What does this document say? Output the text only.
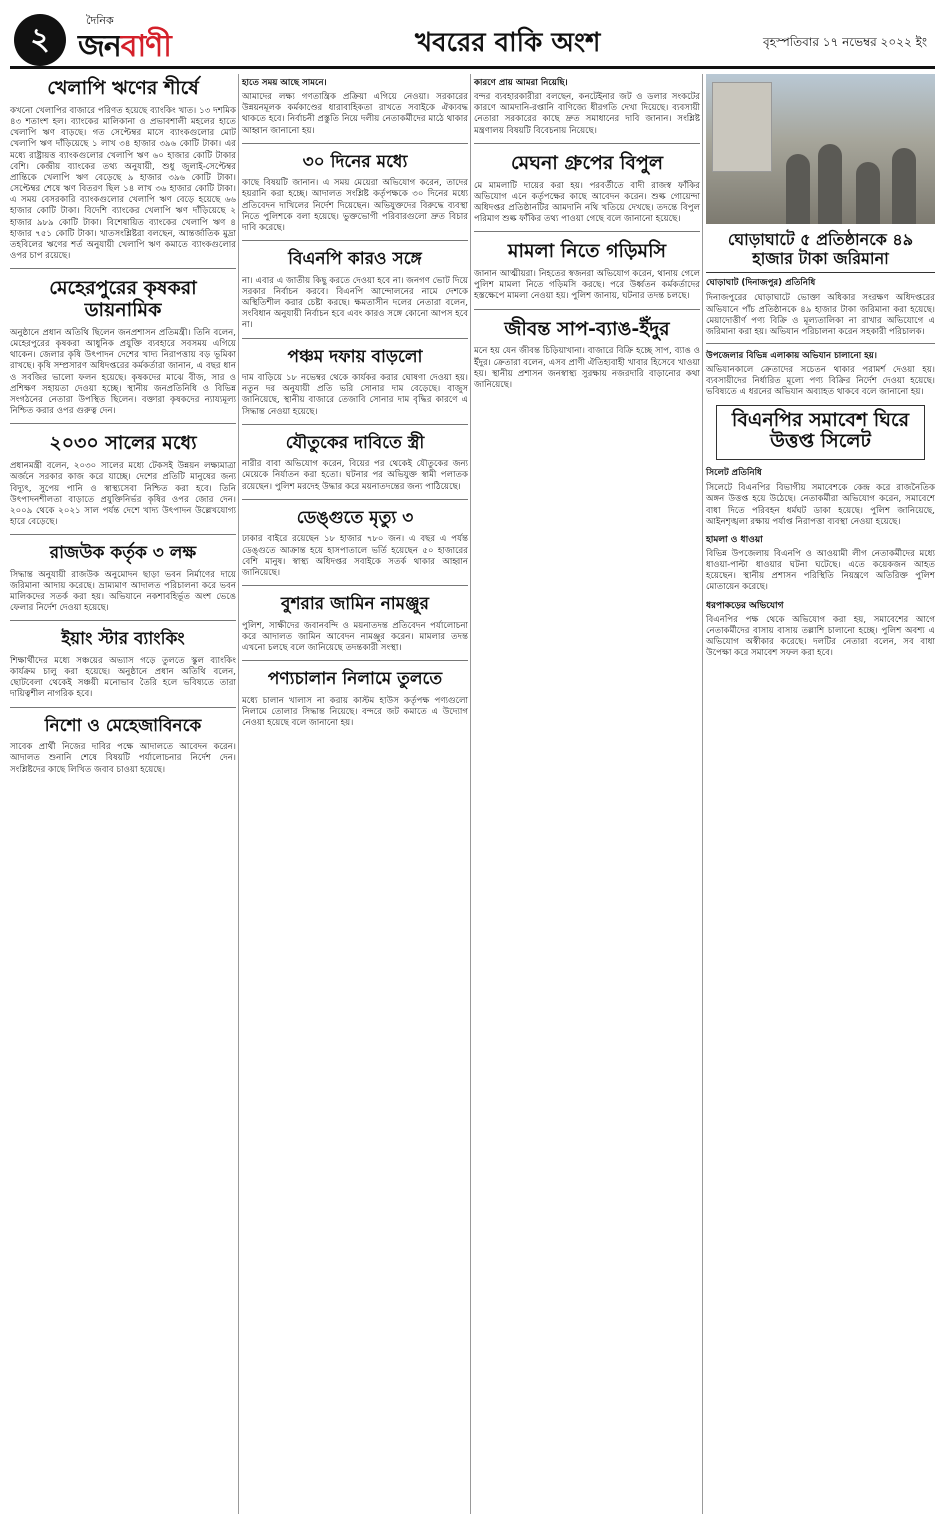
২
দৈনিক
জনবাণী	খবরের বাকি অংশ	বৃহস্পতিবার ১৭ নভেম্বর ২০২২ ইং
খেলাপি ঋণের শীর্ষে
কখনো খেলাপির বাজারে পরিণত হয়েছে ব্যাংকিং খাত। ১৩ দশমিক ৪৩ শতাংশ হল। ব্যাংকের মালিকানা ও প্রভাবশালী মহলের হাতে খেলাপি ঋণ বাড়ছে। গত সেপ্টেম্বর মাসে ব্যাংকগুলোর মোট খেলাপি ঋণ দাঁড়িয়েছে ১ লাখ ৩৪ হাজার ৩৯৬ কোটি টাকা। এর মধ্যে রাষ্ট্রায়ত্ত ব্যাংকগুলোর খেলাপি ঋণ ৬০ হাজার কোটি টাকার বেশি। কেন্দ্রীয় ব্যাংকের তথ্য অনুযায়ী, শুধু জুলাই-সেপ্টেম্বর প্রান্তিকে খেলাপি ঋণ বেড়েছে ৯ হাজার ৩৯৬ কোটি টাকা। সেপ্টেম্বর শেষে ঋণ বিতরণ ছিল ১৪ লাখ ৩৬ হাজার কোটি টাকা। এ সময় বেসরকারি ব্যাংকগুলোর খেলাপি ঋণ বেড়ে হয়েছে ৬৬ হাজার কোটি টাকা। বিদেশি ব্যাংকের খেলাপি ঋণ দাঁড়িয়েছে ২ হাজার ৯৮৯ কোটি টাকা। বিশেষায়িত ব্যাংকের খেলাপি ঋণ ৪ হাজার ৭৫১ কোটি টাকা। খাতসংশ্লিষ্টরা বলছেন, আন্তর্জাতিক মুদ্রা তহবিলের ঋণের শর্ত অনুযায়ী খেলাপি ঋণ কমাতে ব্যাংকগুলোর ওপর চাপ রয়েছে।
মেহেরপুরের কৃষকরা ডায়নামিক
অনুষ্ঠানে প্রধান অতিথি ছিলেন জনপ্রশাসন প্রতিমন্ত্রী। তিনি বলেন, মেহেরপুরের কৃষকরা আধুনিক প্রযুক্তি ব্যবহারে সবসময় এগিয়ে থাকেন। জেলার কৃষি উৎপাদন দেশের খাদ্য নিরাপত্তায় বড় ভূমিকা রাখছে। কৃষি সম্প্রসারণ অধিদপ্তরের কর্মকর্তারা জানান, এ বছর ধান ও সবজির ভালো ফলন হয়েছে। কৃষকদের মাঝে বীজ, সার ও প্রশিক্ষণ সহায়তা দেওয়া হচ্ছে। স্থানীয় জনপ্রতিনিধি ও বিভিন্ন সংগঠনের নেতারা উপস্থিত ছিলেন। বক্তারা কৃষকদের ন্যায্যমূল্য নিশ্চিত করার ওপর গুরুত্ব দেন।
২০৩০ সালের মধ্যে
প্রধানমন্ত্রী বলেন, ২০৩০ সালের মধ্যে টেকসই উন্নয়ন লক্ষ্যমাত্রা অর্জনে সরকার কাজ করে যাচ্ছে। দেশের প্রতিটি মানুষের জন্য বিদ্যুৎ, সুপেয় পানি ও স্বাস্থ্যসেবা নিশ্চিত করা হবে। তিনি উৎপাদনশীলতা বাড়াতে প্রযুক্তিনির্ভর কৃষির ওপর জোর দেন। ২০০৯ থেকে ২০২১ সাল পর্যন্ত দেশে খাদ্য উৎপাদন উল্লেখযোগ্য হারে বেড়েছে।
রাজউক কর্তৃক ৩ লক্ষ
সিদ্ধান্ত অনুযায়ী রাজউক অনুমোদন ছাড়া ভবন নির্মাণের দায়ে জরিমানা আদায় করেছে। ভ্রাম্যমাণ আদালত পরিচালনা করে ভবন মালিকদের সতর্ক করা হয়। অভিযানে নকশাবহির্ভূত অংশ ভেঙে ফেলার নির্দেশ দেওয়া হয়েছে।
ইয়াং স্টার ব্যাংকিং
শিক্ষার্থীদের মধ্যে সঞ্চয়ের অভ্যাস গড়ে তুলতে স্কুল ব্যাংকিং কার্যক্রম চালু করা হয়েছে। অনুষ্ঠানে প্রধান অতিথি বলেন, ছোটবেলা থেকেই সঞ্চয়ী মনোভাব তৈরি হলে ভবিষ্যতে তারা দায়িত্বশীল নাগরিক হবে।
নিশো ও মেহেজাবিনকে
সাবেক প্রার্থী নিজের দাবির পক্ষে আদালতে আবেদন করেন। আদালত শুনানি শেষে বিষয়টি পর্যালোচনার নির্দেশ দেন। সংশ্লিষ্টদের কাছে লিখিত জবাব চাওয়া হয়েছে।
হাতে সময় আছে সামনে।
আমাদের লক্ষ্য গণতান্ত্রিক প্রক্রিয়া এগিয়ে নেওয়া। সরকারের উন্নয়নমূলক কর্মকাণ্ডের ধারাবাহিকতা রাখতে সবাইকে ঐক্যবদ্ধ থাকতে হবে। নির্বাচনী প্রস্তুতি নিয়ে দলীয় নেতাকর্মীদের মাঠে থাকার আহ্বান জানানো হয়।
৩০ দিনের মধ্যে
কাছে বিষয়টি জানান। এ সময় মেয়েরা অভিযোগ করেন, তাদের হয়রানি করা হচ্ছে। আদালত সংশ্লিষ্ট কর্তৃপক্ষকে ৩০ দিনের মধ্যে প্রতিবেদন দাখিলের নির্দেশ দিয়েছেন। অভিযুক্তদের বিরুদ্ধে ব্যবস্থা নিতে পুলিশকে বলা হয়েছে। ভুক্তভোগী পরিবারগুলো দ্রুত বিচার দাবি করেছে।
বিএনপি কারও সঙ্গে
না। এবার এ জাতীয় কিছু করতে দেওয়া হবে না। জনগণ ভোট দিয়ে সরকার নির্বাচন করবে। বিএনপি আন্দোলনের নামে দেশকে অস্থিতিশীল করার চেষ্টা করছে। ক্ষমতাসীন দলের নেতারা বলেন, সংবিধান অনুযায়ী নির্বাচন হবে এবং কারও সঙ্গে কোনো আপস হবে না।
পঞ্চম দফায় বাড়লো
দাম বাড়িয়ে ১৮ নভেম্বর থেকে কার্যকর করার ঘোষণা দেওয়া হয়। নতুন দর অনুযায়ী প্রতি ভরি সোনার দাম বেড়েছে। বাজুস জানিয়েছে, স্থানীয় বাজারে তেজাবি সোনার দাম বৃদ্ধির কারণে এ সিদ্ধান্ত নেওয়া হয়েছে।
যৌতুকের দাবিতে স্ত্রী
নারীর বাবা অভিযোগ করেন, বিয়ের পর থেকেই যৌতুকের জন্য মেয়েকে নির্যাতন করা হতো। ঘটনার পর অভিযুক্ত স্বামী পলাতক রয়েছেন। পুলিশ মরদেহ উদ্ধার করে ময়নাতদন্তের জন্য পাঠিয়েছে।
ডেঙ্গুতে মৃত্যু ৩
ঢাকার বাইরে রয়েছেন ১৮ হাজার ৭৮০ জন। এ বছর এ পর্যন্ত ডেঙ্গুতে আক্রান্ত হয়ে হাসপাতালে ভর্তি হয়েছেন ৫০ হাজারের বেশি মানুষ। স্বাস্থ্য অধিদপ্তর সবাইকে সতর্ক থাকার আহ্বান জানিয়েছে।
বুশরার জামিন নামঞ্জুর
পুলিশ, সাক্ষীদের জবানবন্দি ও ময়নাতদন্ত প্রতিবেদন পর্যালোচনা করে আদালত জামিন আবেদন নামঞ্জুর করেন। মামলার তদন্ত এখনো চলছে বলে জানিয়েছে তদন্তকারী সংস্থা।
পণ্যচালান নিলামে তুলতে
মধ্যে চালান খালাস না করায় কাস্টম হাউস কর্তৃপক্ষ পণ্যগুলো নিলামে তোলার সিদ্ধান্ত নিয়েছে। বন্দরে জট কমাতে এ উদ্যোগ নেওয়া হয়েছে বলে জানানো হয়।
কারণে প্রায় আমরা নিয়েছি।
বন্দর ব্যবহারকারীরা বলছেন, কনটেইনার জট ও ডলার সংকটের কারণে আমদানি-রপ্তানি বাণিজ্যে ধীরগতি দেখা দিয়েছে। ব্যবসায়ী নেতারা সরকারের কাছে দ্রুত সমাধানের দাবি জানান। সংশ্লিষ্ট মন্ত্রণালয় বিষয়টি বিবেচনায় নিয়েছে।
মেঘনা গ্রুপের বিপুল
মে মামলাটি দায়ের করা হয়। পরবর্তীতে বাদী রাজস্ব ফাঁকির অভিযোগ এনে কর্তৃপক্ষের কাছে আবেদন করেন। শুল্ক গোয়েন্দা অধিদপ্তর প্রতিষ্ঠানটির আমদানি নথি খতিয়ে দেখছে। তদন্তে বিপুল পরিমাণ শুল্ক ফাঁকির তথ্য পাওয়া গেছে বলে জানানো হয়েছে।
মামলা নিতে গড়িমসি
জানান আত্মীয়রা। নিহতের স্বজনরা অভিযোগ করেন, থানায় গেলে পুলিশ মামলা নিতে গড়িমসি করছে। পরে উর্ধ্বতন কর্মকর্তাদের হস্তক্ষেপে মামলা নেওয়া হয়। পুলিশ জানায়, ঘটনার তদন্ত চলছে।
জীবন্ত সাপ-ব্যাঙ-ইঁদুর
মনে হয় যেন জীবন্ত চিড়িয়াখানা। বাজারে বিক্রি হচ্ছে সাপ, ব্যাঙ ও ইঁদুর। ক্রেতারা বলেন, এসব প্রাণী ঐতিহ্যবাহী খাবার হিসেবে খাওয়া হয়। স্থানীয় প্রশাসন জনস্বাস্থ্য সুরক্ষায় নজরদারি বাড়ানোর কথা জানিয়েছে।
ঘোড়াঘাটে ৫ প্রতিষ্ঠানকে ৪৯ হাজার টাকা জরিমানা
ঘোড়াঘাট (দিনাজপুর) প্রতিনিধি
দিনাজপুরের ঘোড়াঘাটে ভোক্তা অধিকার সংরক্ষণ অধিদপ্তরের অভিযানে পাঁচ প্রতিষ্ঠানকে ৪৯ হাজার টাকা জরিমানা করা হয়েছে। মেয়াদোত্তীর্ণ পণ্য বিক্রি ও মূল্যতালিকা না রাখার অভিযোগে এ জরিমানা করা হয়। অভিযান পরিচালনা করেন সহকারী পরিচালক।
উপজেলার বিভিন্ন এলাকায় অভিযান চালানো হয়।
অভিযানকালে ক্রেতাদের সচেতন থাকার পরামর্শ দেওয়া হয়। ব্যবসায়ীদের নির্ধারিত মূল্যে পণ্য বিক্রির নির্দেশ দেওয়া হয়েছে। ভবিষ্যতে এ ধরনের অভিযান অব্যাহত থাকবে বলে জানানো হয়।
বিএনপির সমাবেশ ঘিরে উত্তপ্ত সিলেট
সিলেট প্রতিনিধি
সিলেটে বিএনপির বিভাগীয় সমাবেশকে কেন্দ্র করে রাজনৈতিক অঙ্গন উত্তপ্ত হয়ে উঠেছে। নেতাকর্মীরা অভিযোগ করেন, সমাবেশে বাধা দিতে পরিবহন ধর্মঘট ডাকা হয়েছে। পুলিশ জানিয়েছে, আইনশৃঙ্খলা রক্ষায় পর্যাপ্ত নিরাপত্তা ব্যবস্থা নেওয়া হয়েছে।
হামলা ও ধাওয়া
বিভিন্ন উপজেলায় বিএনপি ও আওয়ামী লীগ নেতাকর্মীদের মধ্যে ধাওয়া-পাল্টা ধাওয়ার ঘটনা ঘটেছে। এতে কয়েকজন আহত হয়েছেন। স্থানীয় প্রশাসন পরিস্থিতি নিয়ন্ত্রণে অতিরিক্ত পুলিশ মোতায়েন করেছে।
ধরপাকড়ের অভিযোগ
বিএনপির পক্ষ থেকে অভিযোগ করা হয়, সমাবেশের আগে নেতাকর্মীদের বাসায় বাসায় তল্লাশি চালানো হচ্ছে। পুলিশ অবশ্য এ অভিযোগ অস্বীকার করেছে। দলটির নেতারা বলেন, সব বাধা উপেক্ষা করে সমাবেশ সফল করা হবে।
